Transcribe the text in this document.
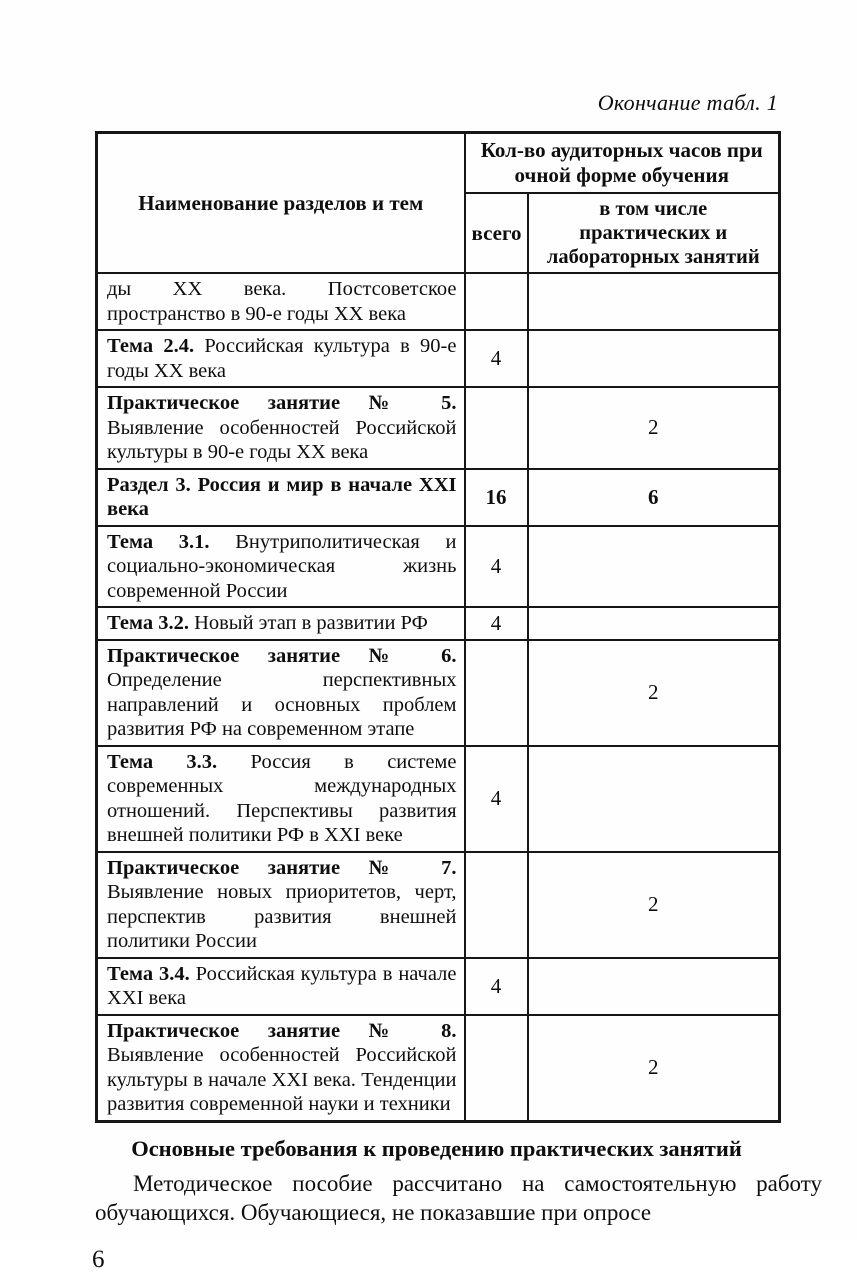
Окончание табл. 1
Наименование разделов и тем	Кол-во аудиторных часов при очной форме обучения	
	всего	в том числе практических и лабораторных занятий
ды XX века. Постсоветское пространство в 90-е годы XX века		
Тема 2.4. Российская культура в 90-е годы XX века	4	
Практическое занятие № 5. Выявление особенностей Российской культуры в 90-е годы XX века		2
Раздел 3. Россия и мир в начале XXI века	16	6
Тема 3.1. Внутриполитическая и социально-экономическая жизнь современной России	4	
Тема 3.2. Новый этап в развитии РФ	4	
Практическое занятие № 6. Определение перспективных направлений и основных проблем развития РФ на современном этапе		2
Тема 3.3. Россия в системе современных международных отношений. Перспективы развития внешней политики РФ в XXI веке	4	
Практическое занятие № 7. Выявление новых приоритетов, черт, перспектив развития внешней политики России		2
Тема 3.4. Российская культура в начале XXI века	4	
Практическое занятие № 8. Выявление особенностей Российской культуры в начале XXI века. Тенденции развития современной науки и техники		2
Основные требования к проведению практических занятий

Методическое пособие рассчитано на самостоятельную работу обучающихся. Обучающиеся, не показавшие при опросе

6
